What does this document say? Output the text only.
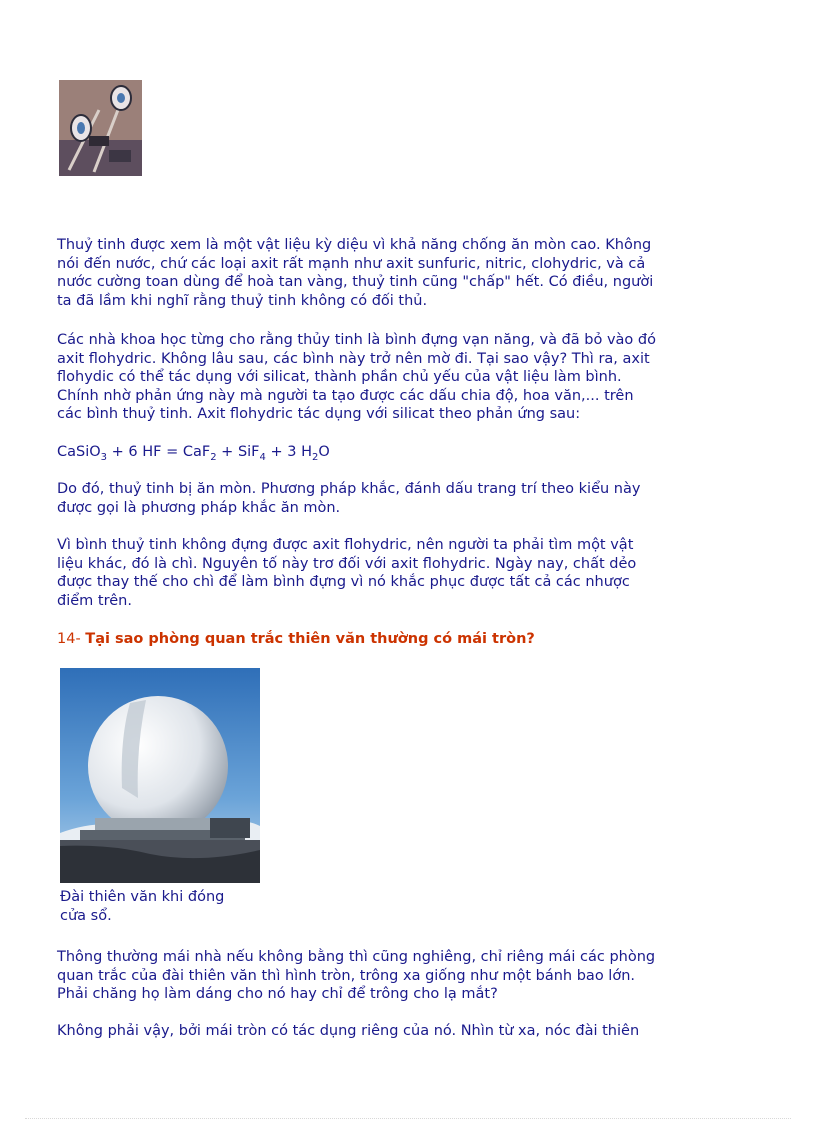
Thuỷ tinh được xem là một vật liệu kỳ diệu vì khả năng chống ăn mòn cao. Không
nói đến nước, chứ các loại axit rất mạnh như axit sunfuric, nitric, clohydric, và cả
nước cường toan dùng để hoà tan vàng, thuỷ tinh cũng "chấp" hết. Có điều, người
ta đã lầm khi nghĩ rằng thuỷ tinh không có đối thủ.
Các nhà khoa học từng cho rằng thủy tinh là bình đựng vạn năng, và đã bỏ vào đó
axit flohydric. Không lâu sau, các bình này trở nên mờ đi. Tại sao vậy? Thì ra, axit
flohydic có thể tác dụng với silicat, thành phần chủ yếu của vật liệu làm bình.
Chính nhờ phản ứng này mà người ta tạo được các dấu chia độ, hoa văn,... trên
các bình thuỷ tinh. Axit flohydric tác dụng với silicat theo phản ứng sau:
CaSiO$_3$ + 6 HF = CaF$_2$ + SiF$_4$ + 3 $H_2O$
Do đó, thuỷ tinh bị ăn mòn. Phương pháp khắc, đánh dấu trang trí theo kiểu này
được gọi là phương pháp khắc ăn mòn.
Vì bình thuỷ tinh không đựng được axit flohydric, nên người ta phải tìm một vật
liệu khác, đó là chì. Nguyên tố này trơ đối với axit flohydric. Ngày nay, chất dẻo
được thay thế cho chì để làm bình đựng vì nó khắc phục được tất cả các nhược
điểm trên.
14- Tại sao phòng quan trắc thiên văn thường có mái tròn?
Đài thiên văn khi đóng
cửa sổ.
Thông thường mái nhà nếu không bằng thì cũng nghiêng, chỉ riêng mái các phòng
quan trắc của đài thiên văn thì hình tròn, trông xa giống như một bánh bao lớn.
Phải chăng họ làm dáng cho nó hay chỉ để trông cho lạ mắt?
Không phải vậy, bởi mái tròn có tác dụng riêng của nó. Nhìn từ xa, nóc đài thiên
